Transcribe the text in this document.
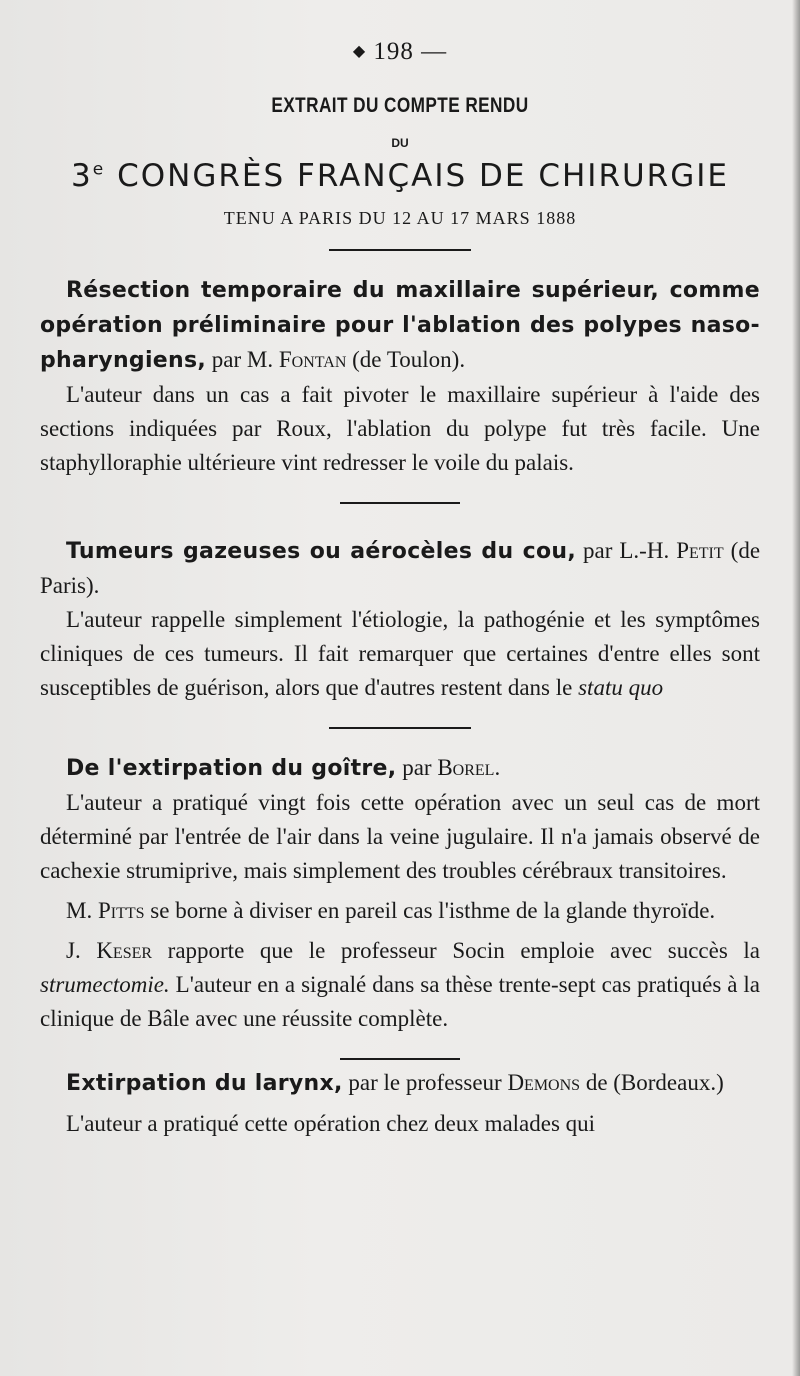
◆ 198 —
EXTRAIT DU COMPTE RENDU
DU
3e CONGRÈS FRANÇAIS DE CHIRURGIE
TENU A PARIS DU 12 AU 17 MARS 1888
Résection temporaire du maxillaire supérieur, comme opération préliminaire pour l'ablation des polypes naso-pharyngiens, par M. Fontan (de Toulon).

L'auteur dans un cas a fait pivoter le maxillaire supérieur à l'aide des sections indiquées par Roux, l'ablation du polype fut très facile. Une staphylloraphie ultérieure vint redresser le voile du palais.

Tumeurs gazeuses ou aérocèles du cou, par L.-H. Petit (de Paris).

L'auteur rappelle simplement l'étiologie, la pathogénie et les symptômes cliniques de ces tumeurs. Il fait remarquer que certaines d'entre elles sont susceptibles de guérison, alors que d'autres restent dans le statu quo

De l'extirpation du goître, par Borel.

L'auteur a pratiqué vingt fois cette opération avec un seul cas de mort déterminé par l'entrée de l'air dans la veine jugulaire. Il n'a jamais observé de cachexie strumiprive, mais simplement des troubles cérébraux transitoires.

M. Pitts se borne à diviser en pareil cas l'isthme de la glande thyroïde.

J. Keser rapporte que le professeur Socin emploie avec succès la strumectomie. L'auteur en a signalé dans sa thèse trente-sept cas pratiqués à la clinique de Bâle avec une réussite complète.

Extirpation du larynx, par le professeur Demons de (Bordeaux.)

L'auteur a pratiqué cette opération chez deux malades qui
